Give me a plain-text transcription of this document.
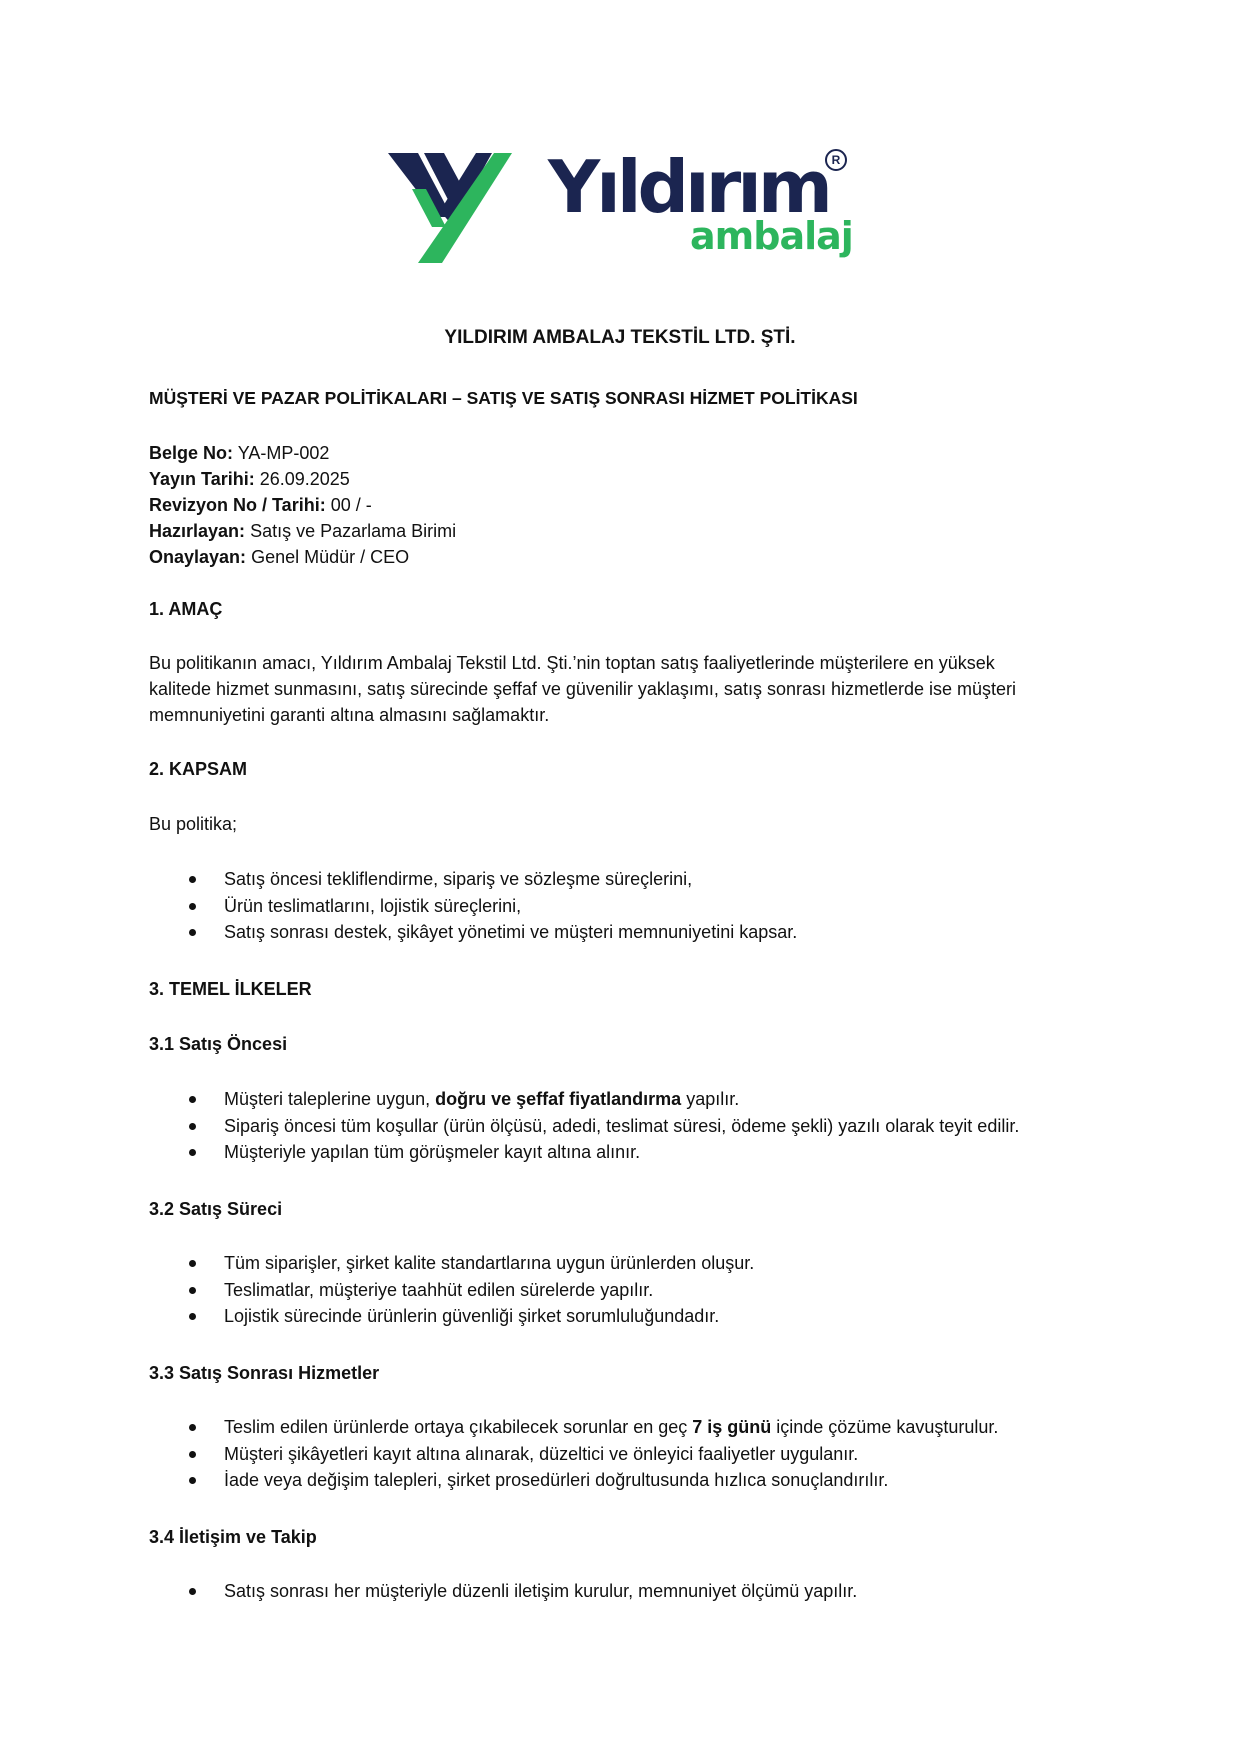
Yıldırım
ambalaj
R
YILDIRIM AMBALAJ TEKSTİL LTD. ŞTİ.
MÜŞTERİ VE PAZAR POLİTİKALARI – SATIŞ VE SATIŞ SONRASI HİZMET POLİTİKASI
Belge No: YA-MP-002
Yayın Tarihi: 26.09.2025
Revizyon No / Tarihi: 00 / -
Hazırlayan: Satış ve Pazarlama Birimi
Onaylayan: Genel Müdür / CEO
1. AMAÇ
Bu politikanın amacı, Yıldırım Ambalaj Tekstil Ltd. Şti.’nin toptan satış faaliyetlerinde müşterilere en yüksek
kalitede hizmet sunmasını, satış sürecinde şeffaf ve güvenilir yaklaşımı, satış sonrası hizmetlerde ise müşteri
memnuniyetini garanti altına almasını sağlamaktır.
2. KAPSAM
Bu politika;
Satış öncesi tekliflendirme, sipariş ve sözleşme süreçlerini,
Ürün teslimatlarını, lojistik süreçlerini,
Satış sonrası destek, şikâyet yönetimi ve müşteri memnuniyetini kapsar.
3. TEMEL İLKELER
3.1 Satış Öncesi
Müşteri taleplerine uygun, doğru ve şeffaf fiyatlandırma yapılır.
Sipariş öncesi tüm koşullar (ürün ölçüsü, adedi, teslimat süresi, ödeme şekli) yazılı olarak teyit edilir.
Müşteriyle yapılan tüm görüşmeler kayıt altına alınır.
3.2 Satış Süreci
Tüm siparişler, şirket kalite standartlarına uygun ürünlerden oluşur.
Teslimatlar, müşteriye taahhüt edilen sürelerde yapılır.
Lojistik sürecinde ürünlerin güvenliği şirket sorumluluğundadır.
3.3 Satış Sonrası Hizmetler
Teslim edilen ürünlerde ortaya çıkabilecek sorunlar en geç 7 iş günü içinde çözüme kavuşturulur.
Müşteri şikâyetleri kayıt altına alınarak, düzeltici ve önleyici faaliyetler uygulanır.
İade veya değişim talepleri, şirket prosedürleri doğrultusunda hızlıca sonuçlandırılır.
3.4 İletişim ve Takip
Satış sonrası her müşteriyle düzenli iletişim kurulur, memnuniyet ölçümü yapılır.
